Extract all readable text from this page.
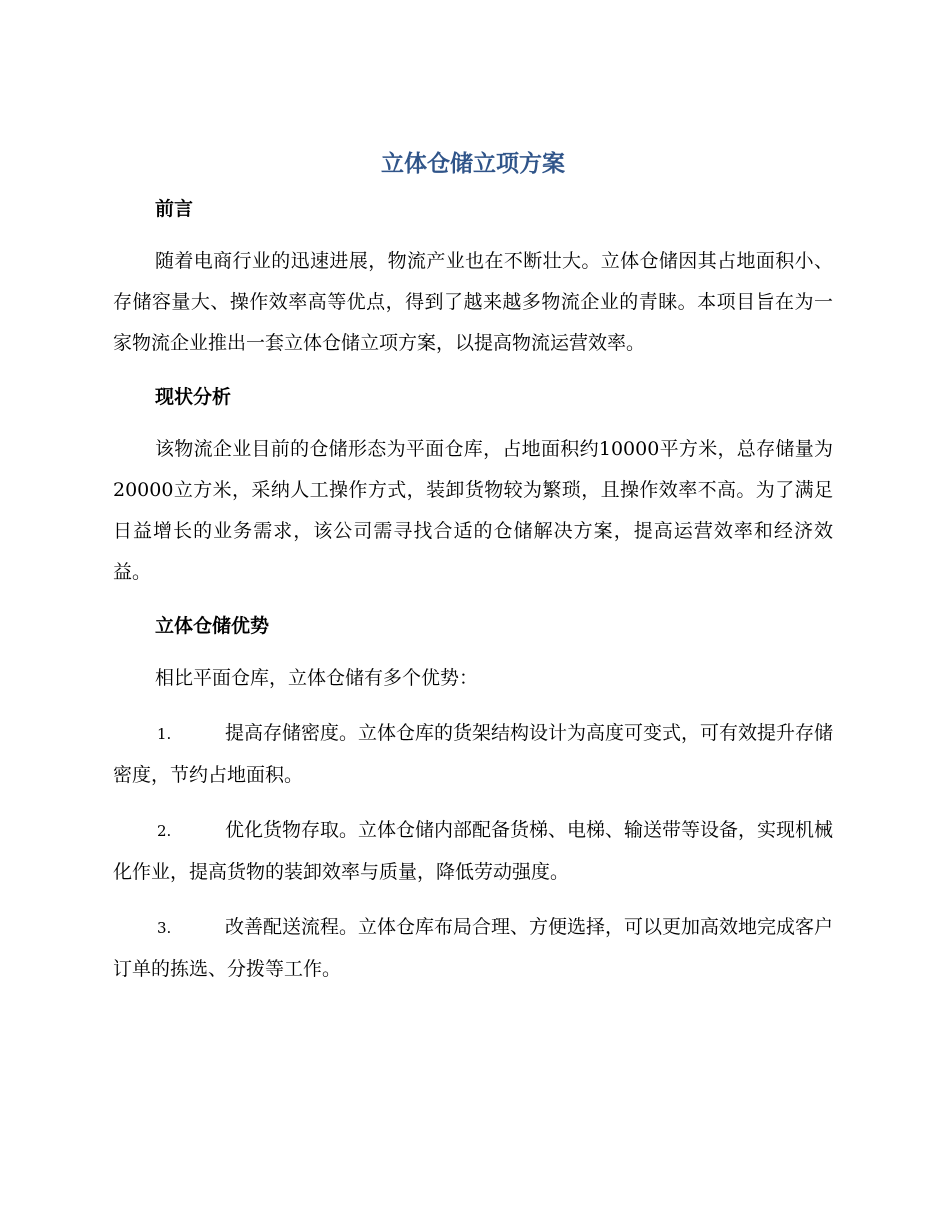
立体仓储立项方案
前言

随着电商行业的迅速进展，物流产业也在不断壮大。立体仓储因其占地面积小、存储容量大、操作效率高等优点，得到了越来越多物流企业的青睐。本项目旨在为一家物流企业推出一套立体仓储立项方案，以提高物流运营效率。

现状分析

该物流企业目前的仓储形态为平面仓库，占地面积约10000平方米，总存储量为20000立方米，采纳人工操作方式，装卸货物较为繁琐，且操作效率不高。为了满足日益增长的业务需求，该公司需寻找合适的仓储解决方案，提高运营效率和经济效益。

立体仓储优势

相比平面仓库，立体仓储有多个优势：

1.	提高存储密度。立体仓库的货架结构设计为高度可变式，可有效提升存储密度，节约占地面积。

2.	优化货物存取。立体仓储内部配备货梯、电梯、输送带等设备，实现机械化作业，提高货物的装卸效率与质量，降低劳动强度。

3.	改善配送流程。立体仓库布局合理、方便选择，可以更加高效地完成客户订单的拣选、分拨等工作。
